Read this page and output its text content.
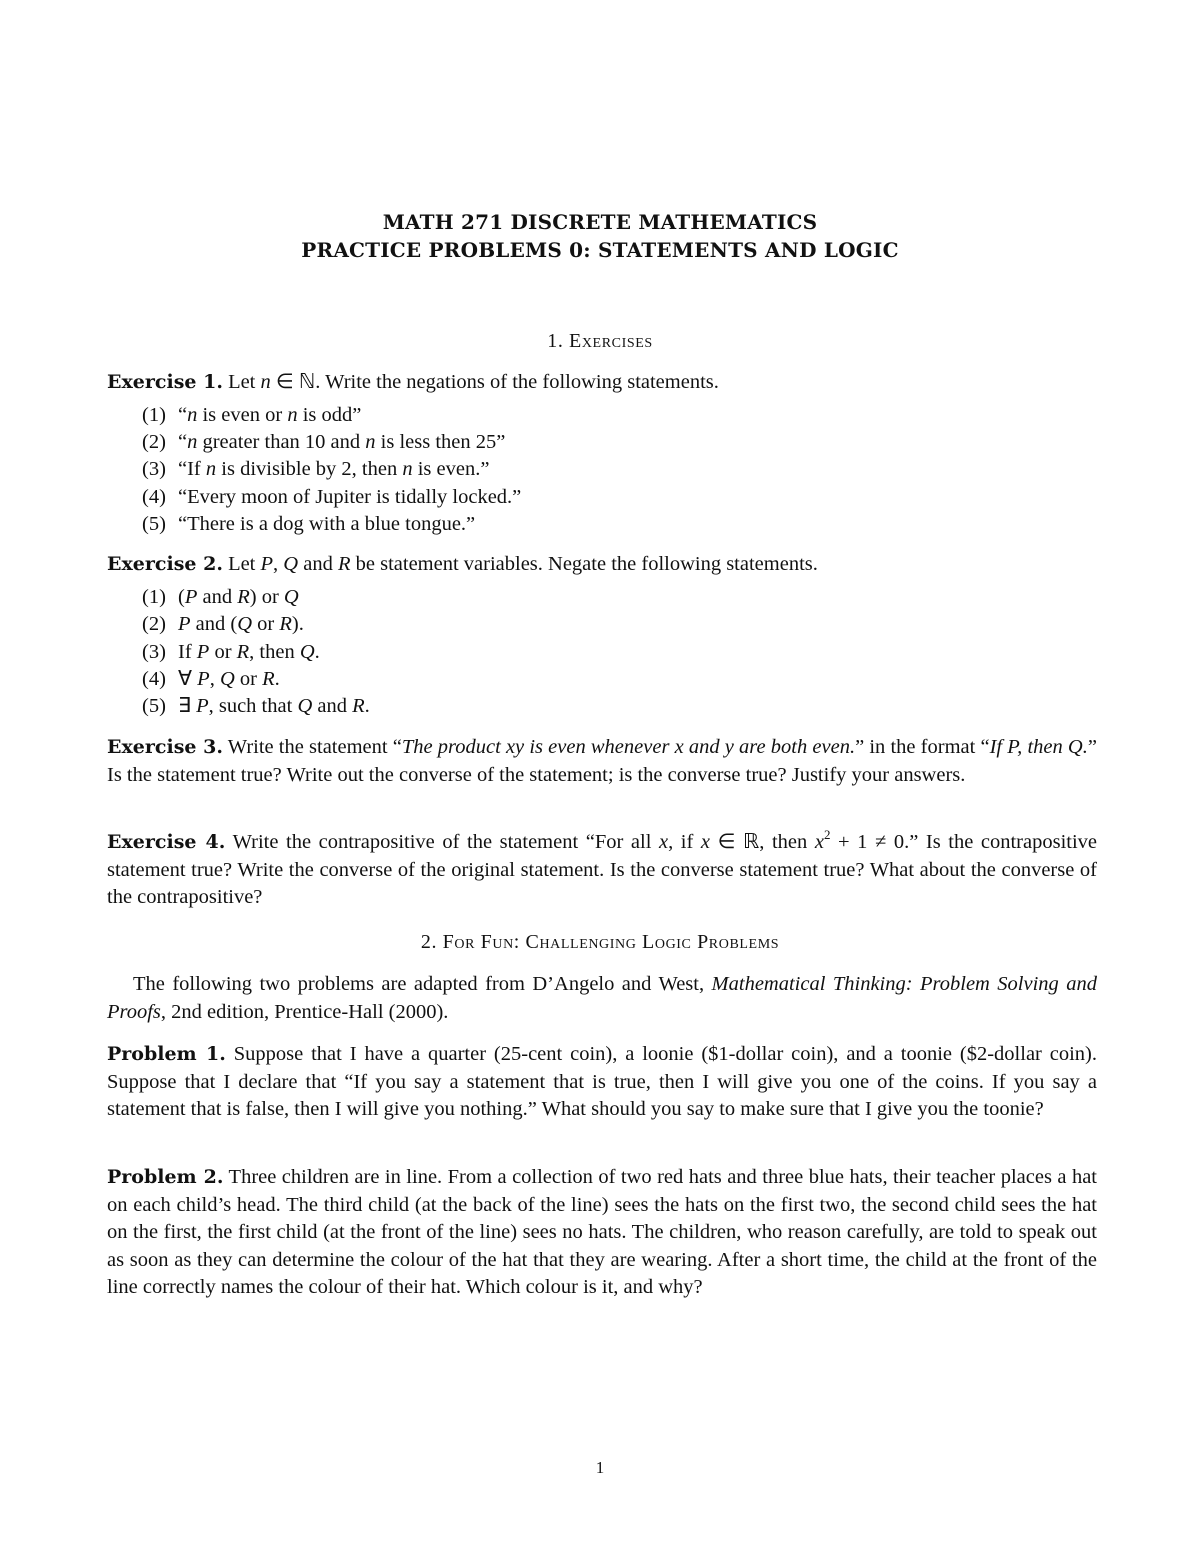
MATH 271 DISCRETE MATHEMATICS
PRACTICE PROBLEMS 0: STATEMENTS AND LOGIC
1. Exercises
Exercise 1. Let n ∈ ℕ. Write the negations of the following statements.
(1) “n is even or n is odd”
(2) “n greater than 10 and n is less then 25”
(3) “If n is divisible by 2, then n is even.”
(4) “Every moon of Jupiter is tidally locked.”
(5) “There is a dog with a blue tongue.”
Exercise 2. Let P, Q and R be statement variables. Negate the following statements.
(1) (P and R) or Q
(2) P and (Q or R).
(3) If P or R, then Q.
(4) ∀ P, Q or R.
(5) ∃ P, such that Q and R.
Exercise 3. Write the statement “The product xy is even whenever x and y are both even.” in the format “If P, then Q.” Is the statement true? Write out the converse of the statement; is the converse true? Justify your answers.
Exercise 4. Write the contrapositive of the statement “For all x, if x ∈ ℝ, then $x^2 + 1 \ne 0$.” Is the contrapositive statement true? Write the converse of the original statement. Is the converse statement true? What about the converse of the contrapositive?
2. For Fun: Challenging Logic Problems
The following two problems are adapted from D’Angelo and West, Mathematical Thinking: Problem Solving and Proofs, 2nd edition, Prentice-Hall (2000).
Problem 1. Suppose that I have a quarter (25-cent coin), a loonie ($1-dollar coin), and a toonie ($2-dollar coin). Suppose that I declare that “If you say a statement that is true, then I will give you one of the coins. If you say a statement that is false, then I will give you nothing.” What should you say to make sure that I give you the toonie?
Problem 2. Three children are in line. From a collection of two red hats and three blue hats, their teacher places a hat on each child’s head. The third child (at the back of the line) sees the hats on the first two, the second child sees the hat on the first, the first child (at the front of the line) sees no hats. The children, who reason carefully, are told to speak out as soon as they can determine the colour of the hat that they are wearing. After a short time, the child at the front of the line correctly names the colour of their hat. Which colour is it, and why?
1
